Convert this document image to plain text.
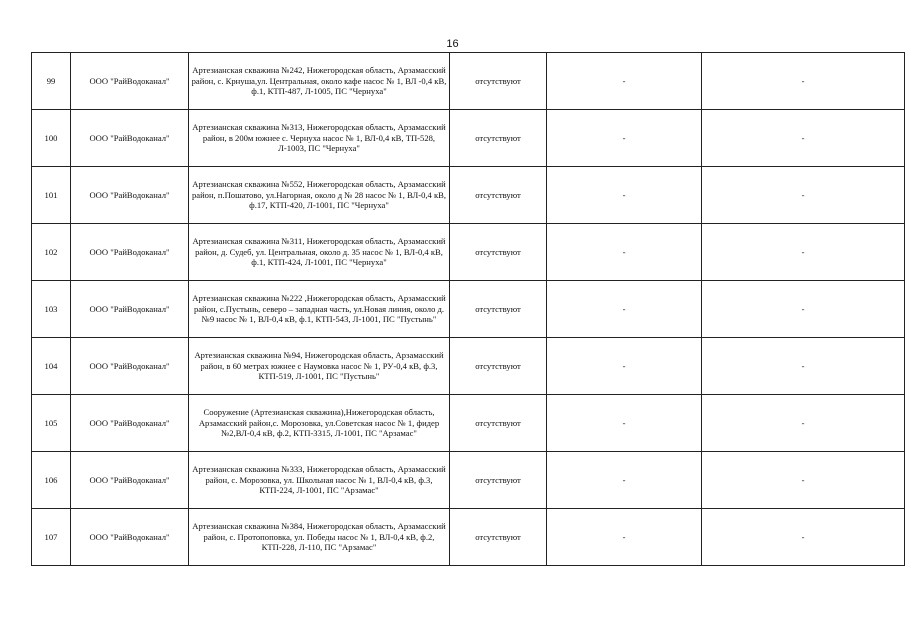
16
99	ООО "РайВодоканал"	Артезианская скважина №242, Нижегородская область, Арзамасский район, с. Крнуша,ул. Центральная, около кафе насос № 1, ВЛ -0,4 кВ, ф.1, КТП-487, Л-1005, ПС "Чернуха"	отсутствуют	-	-
100	ООО "РайВодоканал"	Артезианская скважина №313, Нижегородская область, Арзамасский район, в 200м южнее с. Чернуха насос № 1, ВЛ-0,4 кВ, ТП-528, Л-1003, ПС "Чернуха"	отсутствуют	-	-
101	ООО "РайВодоканал"	Артезианская скважина №552, Нижегородская область, Арзамасский район, п.Пошатово, ул.Нагорная, около д № 28 насос № 1, ВЛ-0,4 кВ, ф.17, КТП-420, Л-1001, ПС "Чернуха"	отсутствуют	-	-
102	ООО "РайВодоканал"	Артезианская скважина №311, Нижегородская область, Арзамасский район, д. Судеб, ул. Центральная, около д. 35 насос № 1, ВЛ-0,4 кВ, ф.1, КТП-424, Л-1001, ПС "Чернуха"	отсутствуют	-	-
103	ООО "РайВодоканал"	Артезианская скважина №222 ,Нижегородская область, Арзамасский район, с.Пустынь, северо – западная часть, ул.Новая линия, около д.№9 насос № 1, ВЛ-0,4 кВ, ф.1, КТП-543, Л-1001, ПС "Пустынь"	отсутствуют	-	-
104	ООО "РайВодоканал"	Артезианская скважина №94, Нижегородская область, Арзамасский район, в 60 метрах южнее с Наумовка насос № 1, РУ-0,4 кВ, ф.3, КТП-519, Л-1001, ПС "Пустынь"	отсутствуют	-	-
105	ООО "РайВодоканал"	Сооружение (Артезианская скважина),Нижегородская область, Арзамасский район,с. Морозовка, ул.Советская насос № 1, фидер №2,ВЛ-0,4 кВ, ф.2, КТП-3315, Л-1001, ПС "Арзамас"	отсутствуют	-	-
106	ООО "РайВодоканал"	Артезианская скважина №333, Нижегородская область, Арзамасский район, с. Морозовка, ул. Школьная насос № 1, ВЛ-0,4 кВ, ф.3, КТП-224, Л-1001, ПС "Арзамас"	отсутствуют	-	-
107	ООО "РайВодоканал"	Артезианская скважина №384, Нижегородская область, Арзамасский район, с. Протопоповка, ул. Победы насос № 1, ВЛ-0,4 кВ, ф.2, КТП-228, Л-110, ПС "Арзамас"	отсутствуют	-	-
